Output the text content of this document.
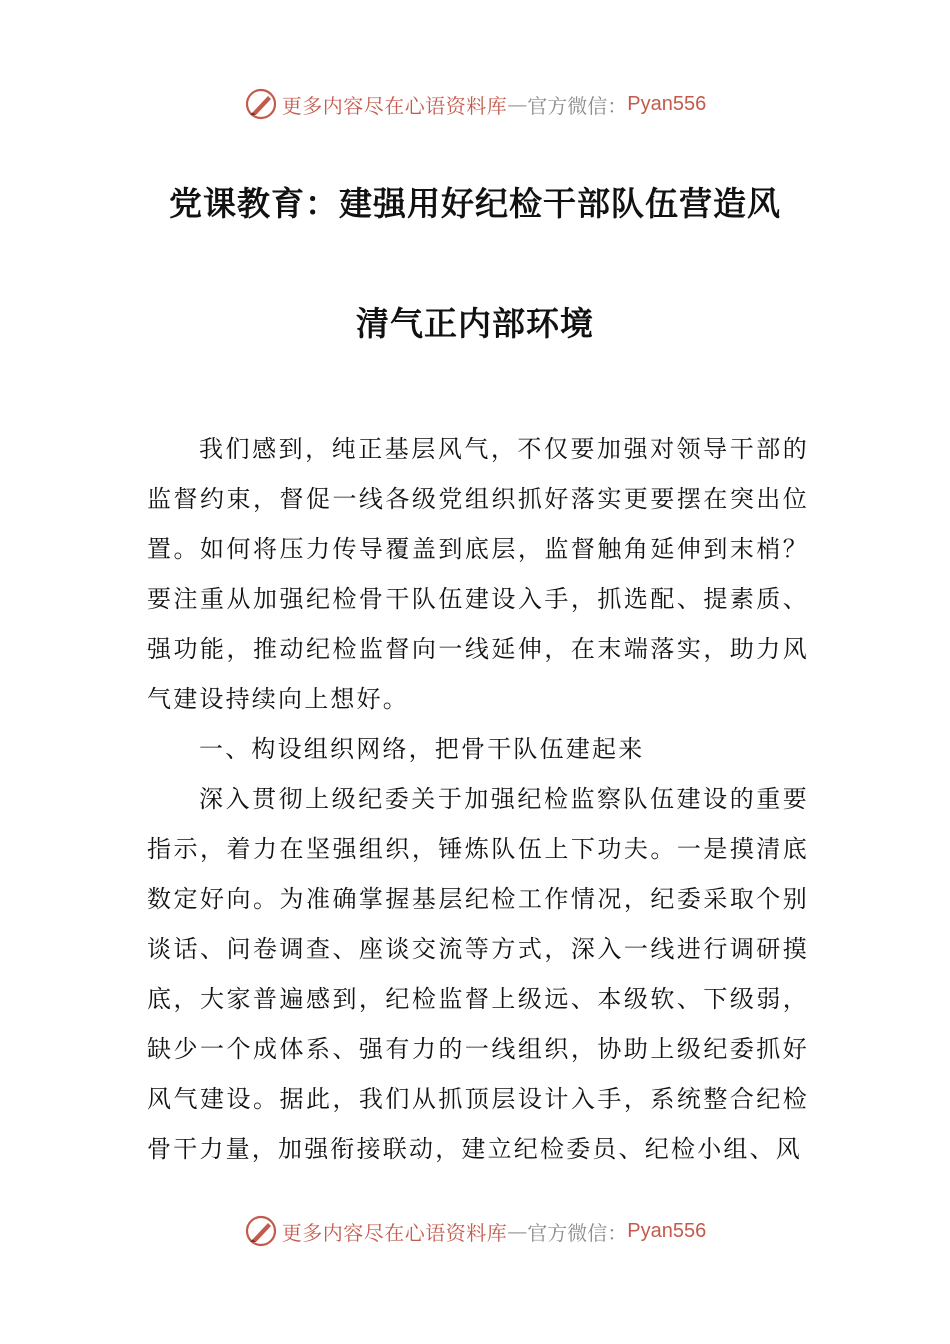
更多内容尽在心语资料库 — 官方微信： Pyan556
党课教育：建强用好纪检干部队伍营造风
清气正内部环境

我们感到，纯正基层风气，不仅要加强对领导干部的监督约束，督促一线各级党组织抓好落实更要摆在突出位置。如何将压力传导覆盖到底层，监督触角延伸到末梢？要注重从加强纪检骨干队伍建设入手，抓选配、提素质、强功能，推动纪检监督向一线延伸，在末端落实，助力风气建设持续向上想好。

一、构设组织网络，把骨干队伍建起来

深入贯彻上级纪委关于加强纪检监察队伍建设的重要指示，着力在坚强组织，锤炼队伍上下功夫。一是摸清底数定好向。为准确掌握基层纪检工作情况，纪委采取个别谈话、问卷调查、座谈交流等方式，深入一线进行调研摸底，大家普遍感到，纪检监督上级远、本级软、下级弱，缺少一个成体系、强有力的一线组织，协助上级纪委抓好风气建设。据此，我们从抓顶层设计入手，系统整合纪检骨干力量，加强衔接联动，建立纪检委员、纪检小组、风

更多内容尽在心语资料库 — 官方微信： Pyan556
